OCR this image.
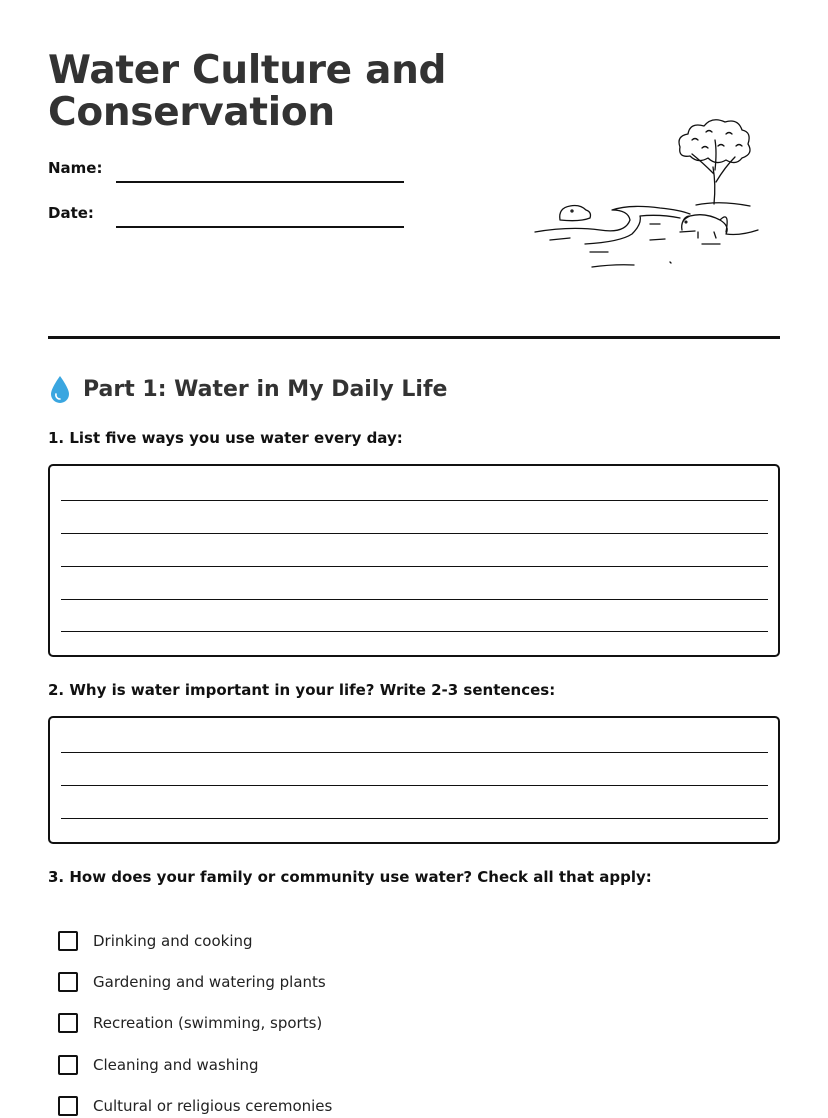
Water Culture and
Conservation
Name:
Date:
Part 1: Water in My Daily Life
1. List five ways you use water every day:
2. Why is water important in your life? Write 2-3 sentences:
3. How does your family or community use water? Check all that apply:
Drinking and cooking
Gardening and watering plants
Recreation (swimming, sports)
Cleaning and washing
Cultural or religious ceremonies
